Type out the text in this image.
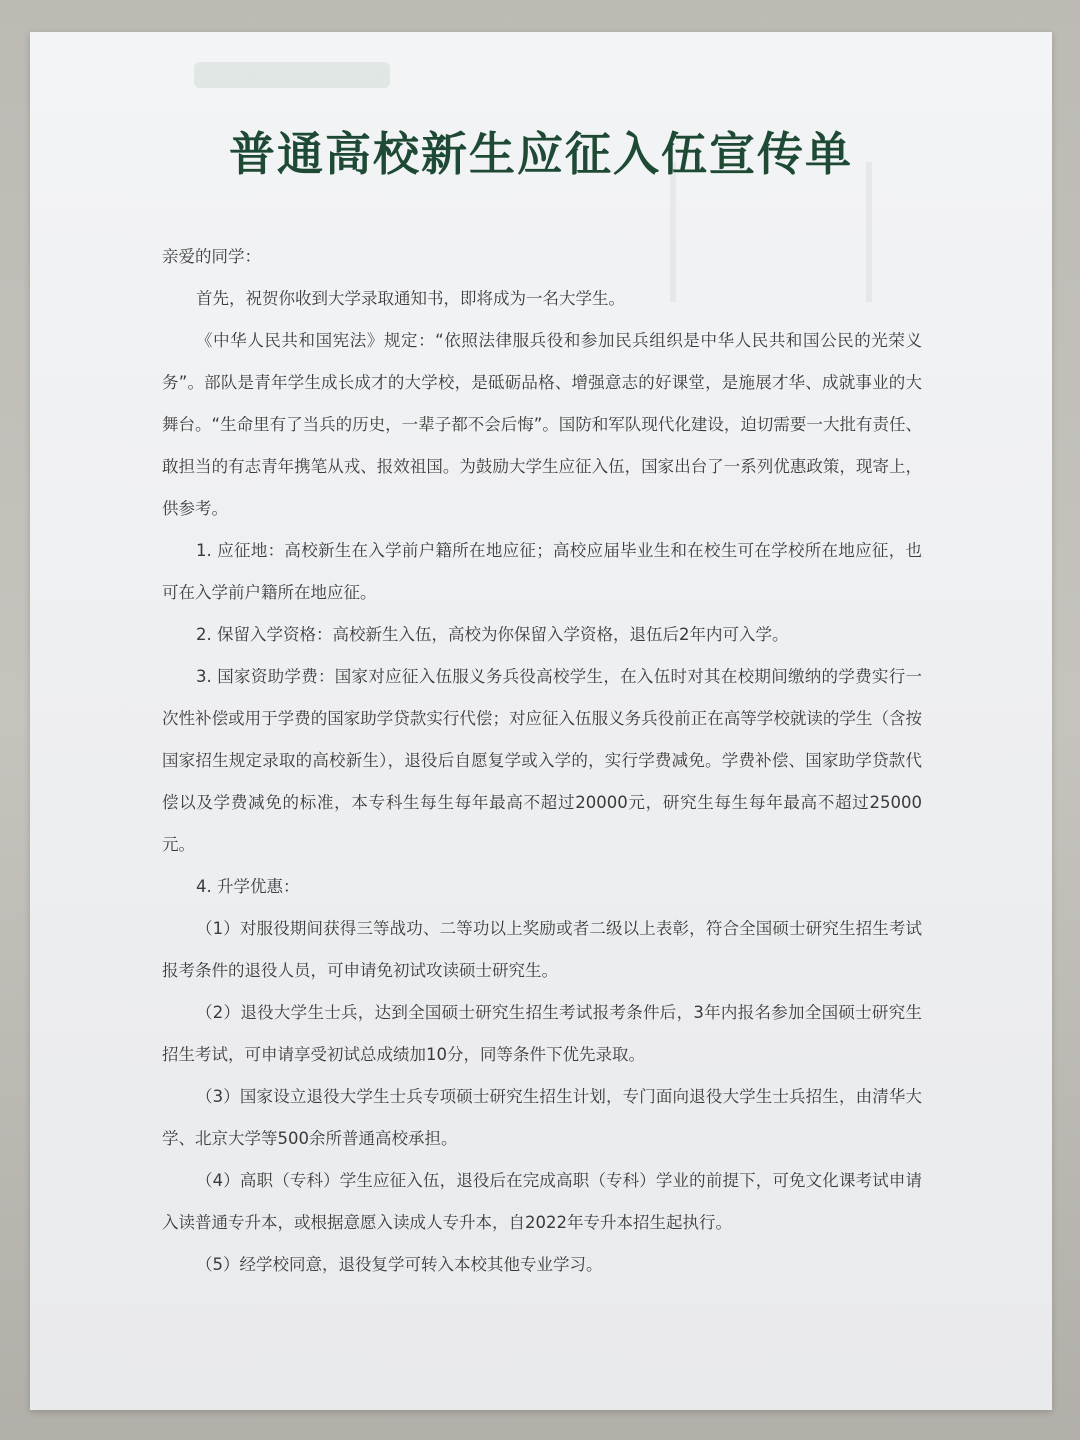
普通高校新生应征入伍宣传单

亲爱的同学：

首先，祝贺你收到大学录取通知书，即将成为一名大学生。

《中华人民共和国宪法》规定：“依照法律服兵役和参加民兵组织是中华人民共和国公民的光荣义务”。部队是青年学生成长成才的大学校，是砥砺品格、增强意志的好课堂，是施展才华、成就事业的大舞台。“生命里有了当兵的历史，一辈子都不会后悔”。国防和军队现代化建设，迫切需要一大批有责任、敢担当的有志青年携笔从戎、报效祖国。为鼓励大学生应征入伍，国家出台了一系列优惠政策，现寄上，供参考。

1. 应征地：高校新生在入学前户籍所在地应征；高校应届毕业生和在校生可在学校所在地应征，也可在入学前户籍所在地应征。

2. 保留入学资格：高校新生入伍，高校为你保留入学资格，退伍后2年内可入学。

3. 国家资助学费：国家对应征入伍服义务兵役高校学生，在入伍时对其在校期间缴纳的学费实行一次性补偿或用于学费的国家助学贷款实行代偿；对应征入伍服义务兵役前正在高等学校就读的学生（含按国家招生规定录取的高校新生），退役后自愿复学或入学的，实行学费减免。学费补偿、国家助学贷款代偿以及学费减免的标准，本专科生每生每年最高不超过20000元，研究生每生每年最高不超过25000元。

4. 升学优惠：

（1）对服役期间获得三等战功、二等功以上奖励或者二级以上表彰，符合全国硕士研究生招生考试报考条件的退役人员，可申请免初试攻读硕士研究生。

（2）退役大学生士兵，达到全国硕士研究生招生考试报考条件后，3年内报名参加全国硕士研究生招生考试，可申请享受初试总成绩加10分，同等条件下优先录取。

（3）国家设立退役大学生士兵专项硕士研究生招生计划，专门面向退役大学生士兵招生，由清华大学、北京大学等500余所普通高校承担。

（4）高职（专科）学生应征入伍，退役后在完成高职（专科）学业的前提下，可免文化课考试申请入读普通专升本，或根据意愿入读成人专升本，自2022年专升本招生起执行。

（5）经学校同意，退役复学可转入本校其他专业学习。
